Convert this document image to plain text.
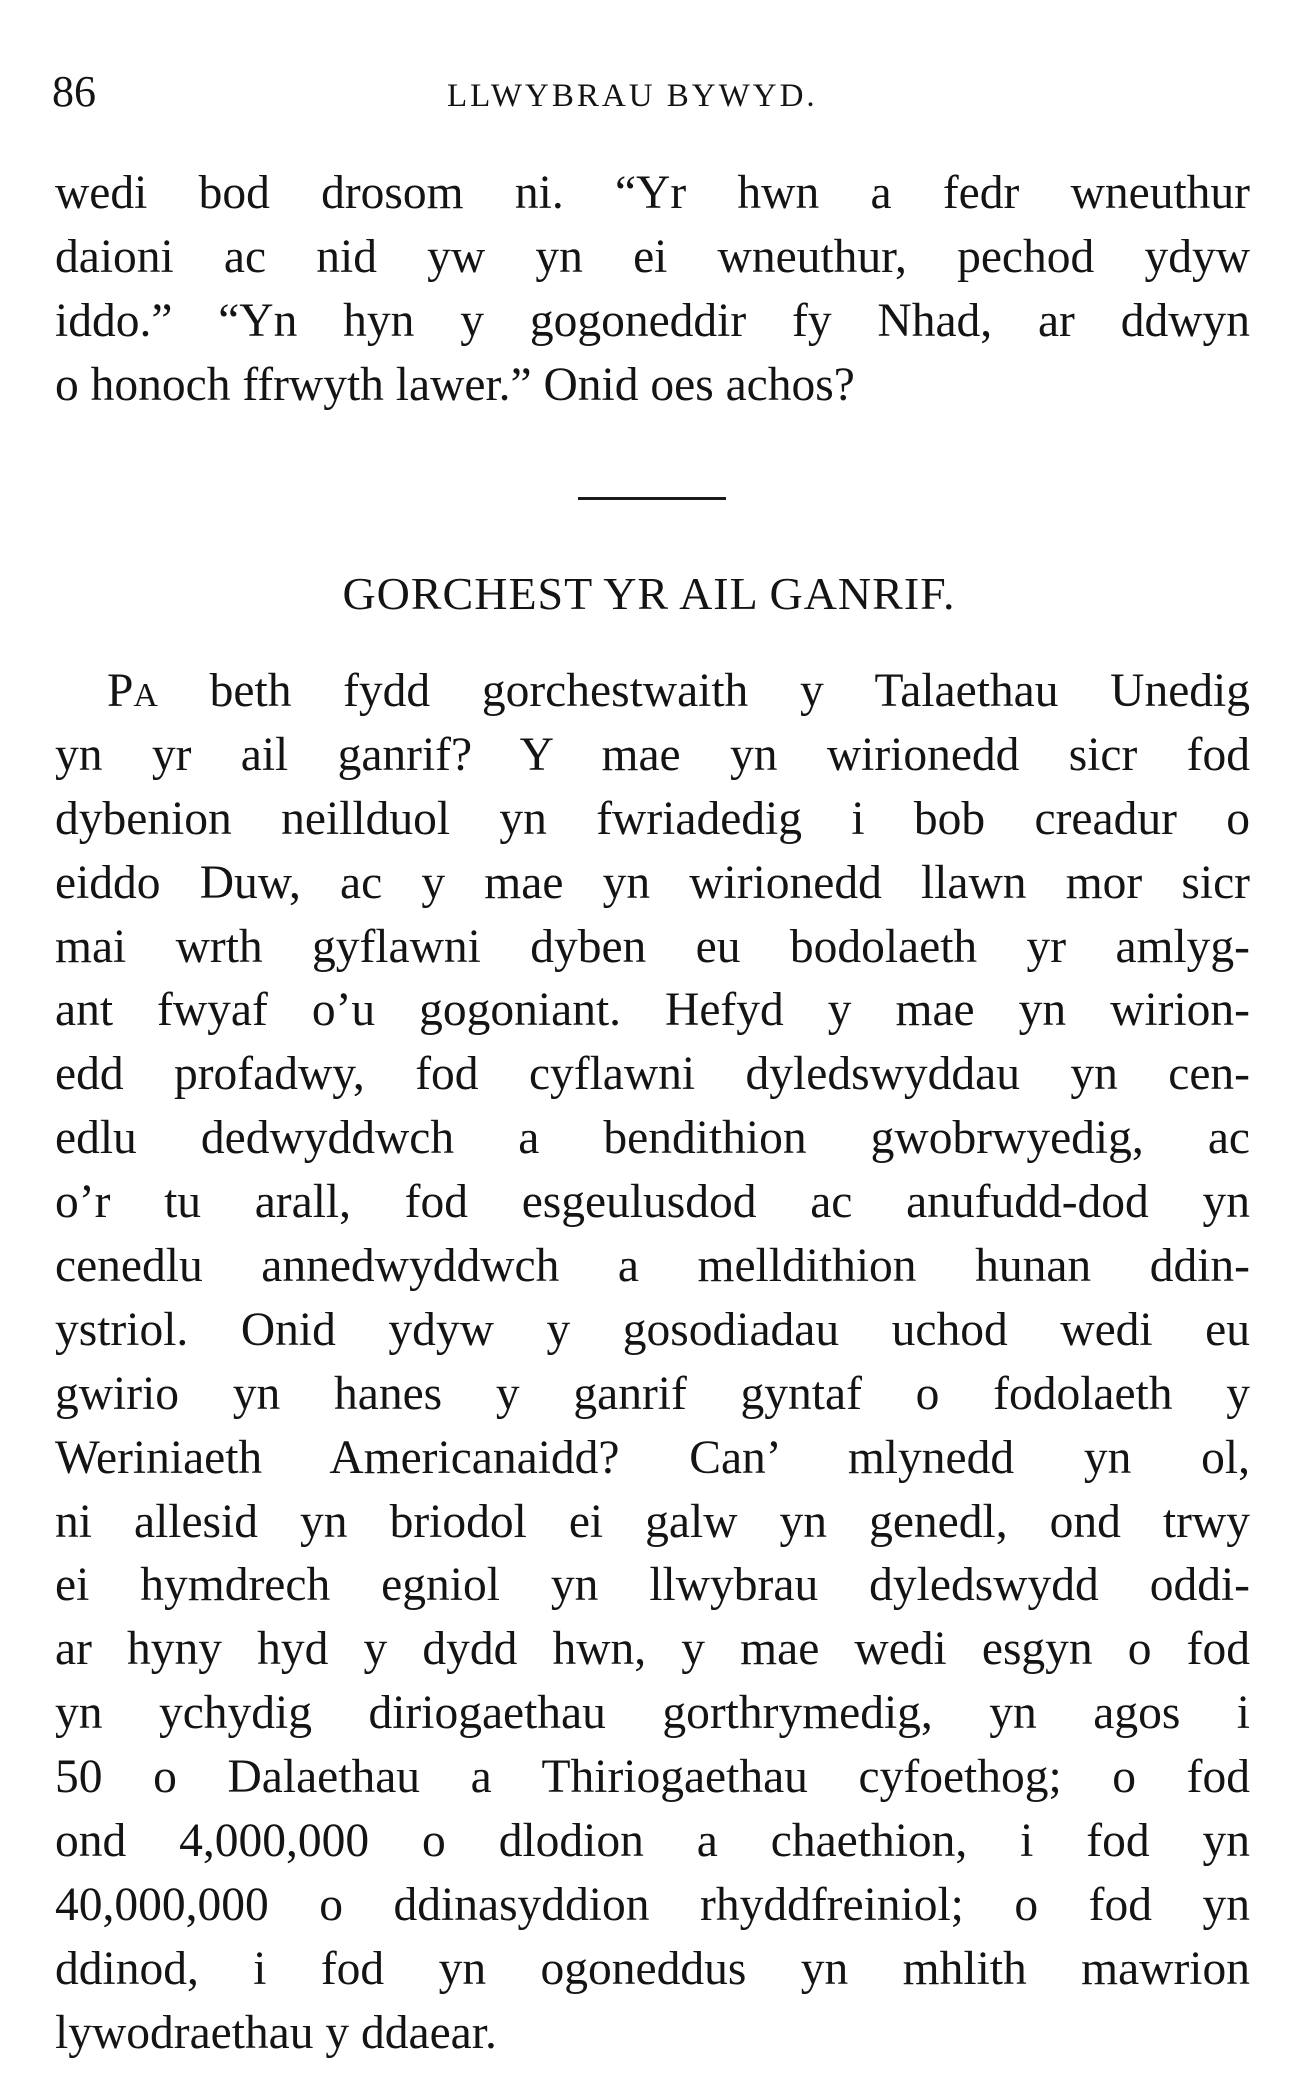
86	LLWYBRAU BYWYD.
wedi bod drosom ni. “Yr hwn a fedr wneuthur
daioni ac nid yw yn ei wneuthur, pechod ydyw
iddo.” “Yn hyn y gogoneddir fy Nhad, ar ddwyn
o honoch ffrwyth lawer.” Onid oes achos?
GORCHEST YR AIL GANRIF.
PA beth fydd gorchestwaith y Talaethau Unedig
yn yr ail ganrif? Y mae yn wirionedd sicr fod
dybenion neillduol yn fwriadedig i bob creadur o
eiddo Duw, ac y mae yn wirionedd llawn mor sicr
mai wrth gyflawni dyben eu bodolaeth yr amlyg-
ant fwyaf o’u gogoniant. Hefyd y mae yn wirion-
edd profadwy, fod cyflawni dyledswyddau yn cen-
edlu dedwyddwch a bendithion gwobrwyedig, ac
o’r tu arall, fod esgeulusdod ac anufudd-dod yn
cenedlu annedwyddwch a melldithion hunan ddin-
ystriol. Onid ydyw y gosodiadau uchod wedi eu
gwirio yn hanes y ganrif gyntaf o fodolaeth y
Weriniaeth Americanaidd? Can’ mlynedd yn ol,
ni allesid yn briodol ei galw yn genedl, ond trwy
ei hymdrech egniol yn llwybrau dyledswydd oddi-
ar hyny hyd y dydd hwn, y mae wedi esgyn o fod
yn ychydig diriogaethau gorthrymedig, yn agos i
50 o Dalaethau a Thiriogaethau cyfoethog; o fod
ond 4,000,000 o dlodion a chaethion, i fod yn
40,000,000 o ddinasyddion rhyddfreiniol; o fod yn
ddinod, i fod yn ogoneddus yn mhlith mawrion
lywodraethau y ddaear.
